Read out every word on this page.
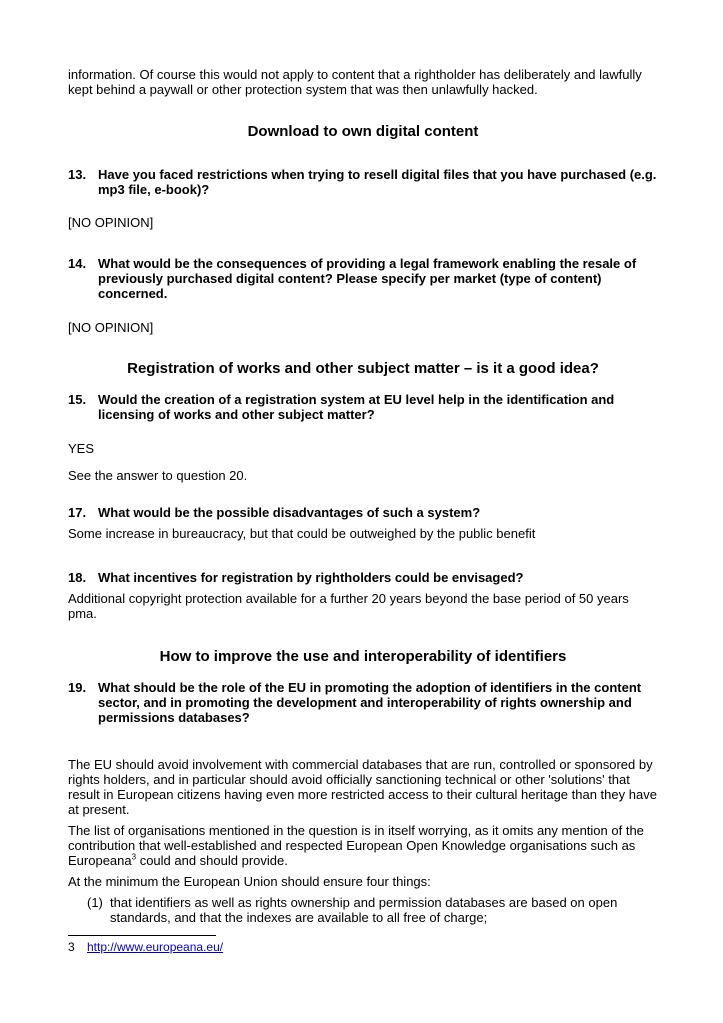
information. Of course this would not apply to content that a rightholder has deliberately and lawfully kept behind a paywall or other protection system that was then unlawfully hacked.

Download to own digital content

13. Have you faced restrictions when trying to resell digital files that you have purchased (e.g. mp3 file, e-book)?

[NO OPINION]

14. What would be the consequences of providing a legal framework enabling the resale of previously purchased digital content? Please specify per market (type of content) concerned.

[NO OPINION]

Registration of works and other subject matter – is it a good idea?

15. Would the creation of a registration system at EU level help in the identification and licensing of works and other subject matter?

YES

See the answer to question 20.

17. What would be the possible disadvantages of such a system?

Some increase in bureaucracy, but that could be outweighed by the public benefit

18. What incentives for registration by rightholders could be envisaged?

Additional copyright protection available for a further 20 years beyond the base period of 50 years pma.

How to improve the use and interoperability of identifiers

19. What should be the role of the EU in promoting the adoption of identifiers in the content sector, and in promoting the development and interoperability of rights ownership and permissions databases?

The EU should avoid involvement with commercial databases that are run, controlled or sponsored by rights holders, and in particular should avoid officially sanctioning technical or other 'solutions' that result in European citizens having even more restricted access to their cultural heritage than they have at present.

The list of organisations mentioned in the question is in itself worrying, as it omits any mention of the contribution that well-established and respected European Open Knowledge organisations such as Europeana$^3$ could and should provide.

At the minimum the European Union should ensure four things:

(1) that identifiers as well as rights ownership and permission databases are based on open standards, and that the indexes are available to all free of charge;

3 http://www.europeana.eu/
